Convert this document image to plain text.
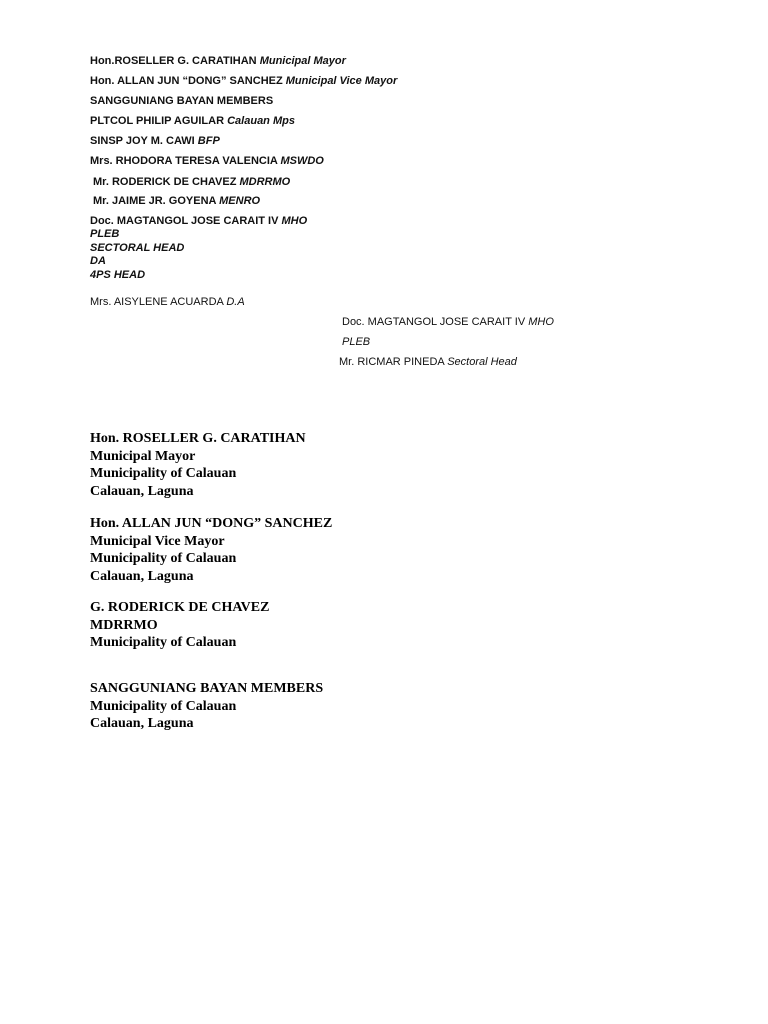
Hon.ROSELLER G. CARATIHAN Municipal Mayor
Hon. ALLAN JUN “DONG” SANCHEZ Municipal Vice Mayor
SANGGUNIANG BAYAN MEMBERS
PLTCOL PHILIP AGUILAR Calauan Mps
SINSP JOY M. CAWI BFP
Mrs. RHODORA TERESA VALENCIA MSWDO
Mr. RODERICK DE CHAVEZ MDRRMO
Mr. JAIME JR. GOYENA MENRO
Doc. MAGTANGOL JOSE CARAIT IV MHO
PLEB
SECTORAL HEAD
DA
4PS HEAD
Mrs. AISYLENE ACUARDA D.A
Doc. MAGTANGOL JOSE CARAIT IV MHO
PLEB
Mr. RICMAR PINEDA Sectoral Head
Hon. ROSELLER G. CARATIHAN
Municipal Mayor
Municipality of Calauan
Calauan, Laguna
Hon. ALLAN JUN “DONG” SANCHEZ
Municipal Vice Mayor
Municipality of Calauan
Calauan, Laguna
G. RODERICK DE CHAVEZ
MDRRMO
Municipality of Calauan
SANGGUNIANG BAYAN MEMBERS
Municipality of Calauan
Calauan, Laguna
